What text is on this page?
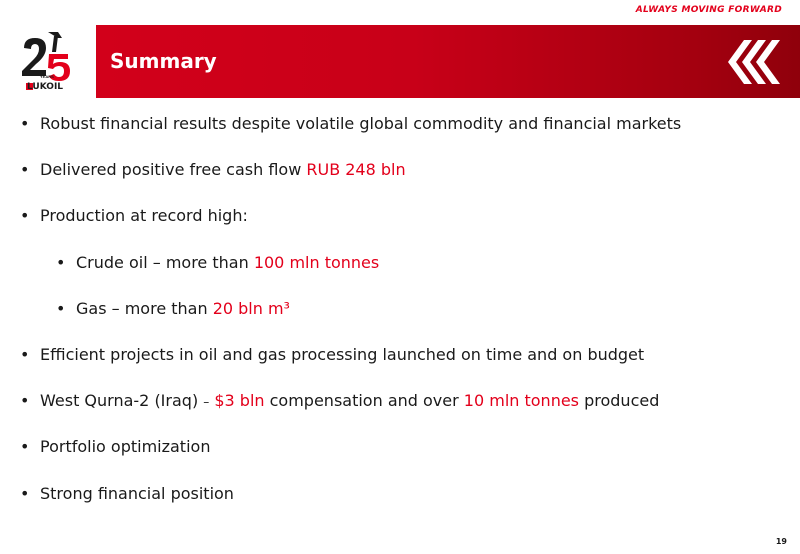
ALWAYS MOVING FORWARD
YEARS
LUKOIL
Summary
• Robust financial results despite volatile global commodity and financial markets
• Delivered positive free cash flow RUB 248 bln
• Production at record high:
• Crude oil – more than 100 mln tonnes
• Gas – more than 20 bln m³
• Efficient projects in oil and gas processing launched on time and on budget
• West Qurna-2 (Iraq) – $3 bln compensation and over 10 mln tonnes produced
• Portfolio optimization
• Strong financial position
19
